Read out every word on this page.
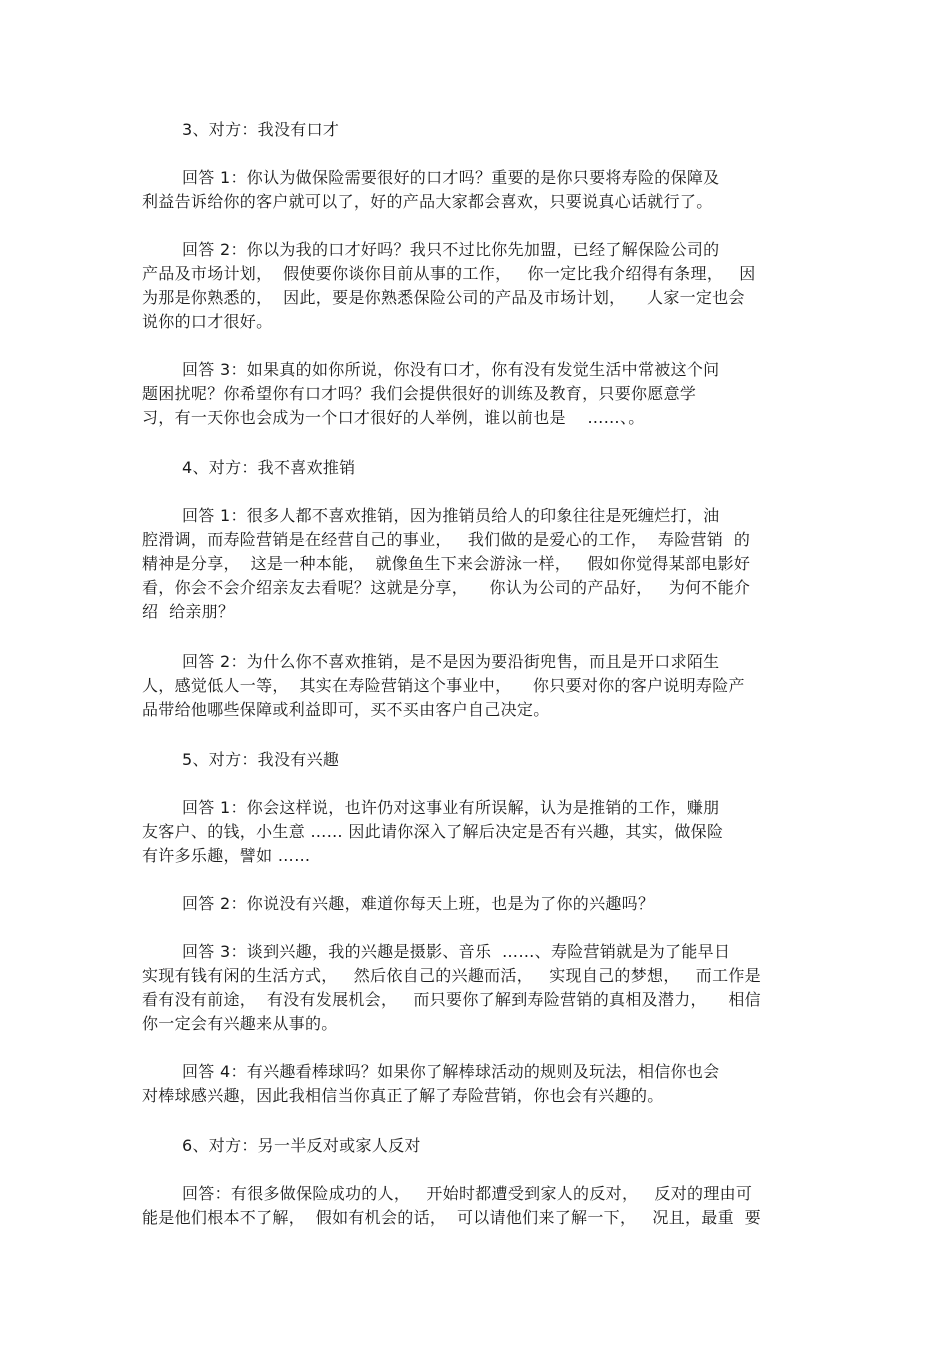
3、对方：我没有口才
回答 1：你认为做保险需要很好的口才吗？重要的是你只要将寿险的保障及
利益告诉给你的客户就可以了，好的产品大家都会喜欢，只要说真心话就行了。
回答 2：你以为我的口才好吗？我只不过比你先加盟，已经了解保险公司的
产品及市场计划，  假使要你谈你目前从事的工作，   你一定比我介绍得有条理，   因
为那是你熟悉的，  因此，要是你熟悉保险公司的产品及市场计划，    人家一定也会
说你的口才很好。
回答 3：如果真的如你所说，你没有口才，你有没有发觉生活中常被这个问
题困扰呢？你希望你有口才吗？我们会提供很好的训练及教育，只要你愿意学
习，有一天你也会成为一个口才很好的人举例，谁以前也是    ……、。
4、对方：我不喜欢推销
回答 1：很多人都不喜欢推销，因为推销员给人的印象往往是死缠烂打，油
腔滑调，而寿险营销是在经营自己的事业，   我们做的是爱心的工作，  寿险营销  的
精神是分享，  这是一种本能，  就像鱼生下来会游泳一样，   假如你觉得某部电影好
看，你会不会介绍亲友去看呢？这就是分享，    你认为公司的产品好，   为何不能介
绍  给亲朋？
回答 2：为什么你不喜欢推销，是不是因为要沿街兜售，而且是开口求陌生
人，感觉低人一等，  其实在寿险营销这个事业中，    你只要对你的客户说明寿险产
品带给他哪些保障或利益即可，买不买由客户自己决定。
5、对方：我没有兴趣
回答 1：你会这样说，也许仍对这事业有所误解，认为是推销的工作，赚朋
友客户、的钱，小生意 …… 因此请你深入了解后决定是否有兴趣，其实，做保险
有许多乐趣，譬如 ……
回答 2：你说没有兴趣，难道你每天上班，也是为了你的兴趣吗？
回答 3：谈到兴趣，我的兴趣是摄影、音乐  ……、寿险营销就是为了能早日
实现有钱有闲的生活方式，   然后依自己的兴趣而活，   实现自己的梦想，   而工作是
看有没有前途，  有没有发展机会，   而只要你了解到寿险营销的真相及潜力，    相信
你一定会有兴趣来从事的。
回答 4：有兴趣看棒球吗？如果你了解棒球活动的规则及玩法，相信你也会
对棒球感兴趣，因此我相信当你真正了解了寿险营销，你也会有兴趣的。
6、对方：另一半反对或家人反对
回答：有很多做保险成功的人，   开始时都遭受到家人的反对，   反对的理由可
能是他们根本不了解，  假如有机会的话，  可以请他们来了解一下，   况且，最重  要
